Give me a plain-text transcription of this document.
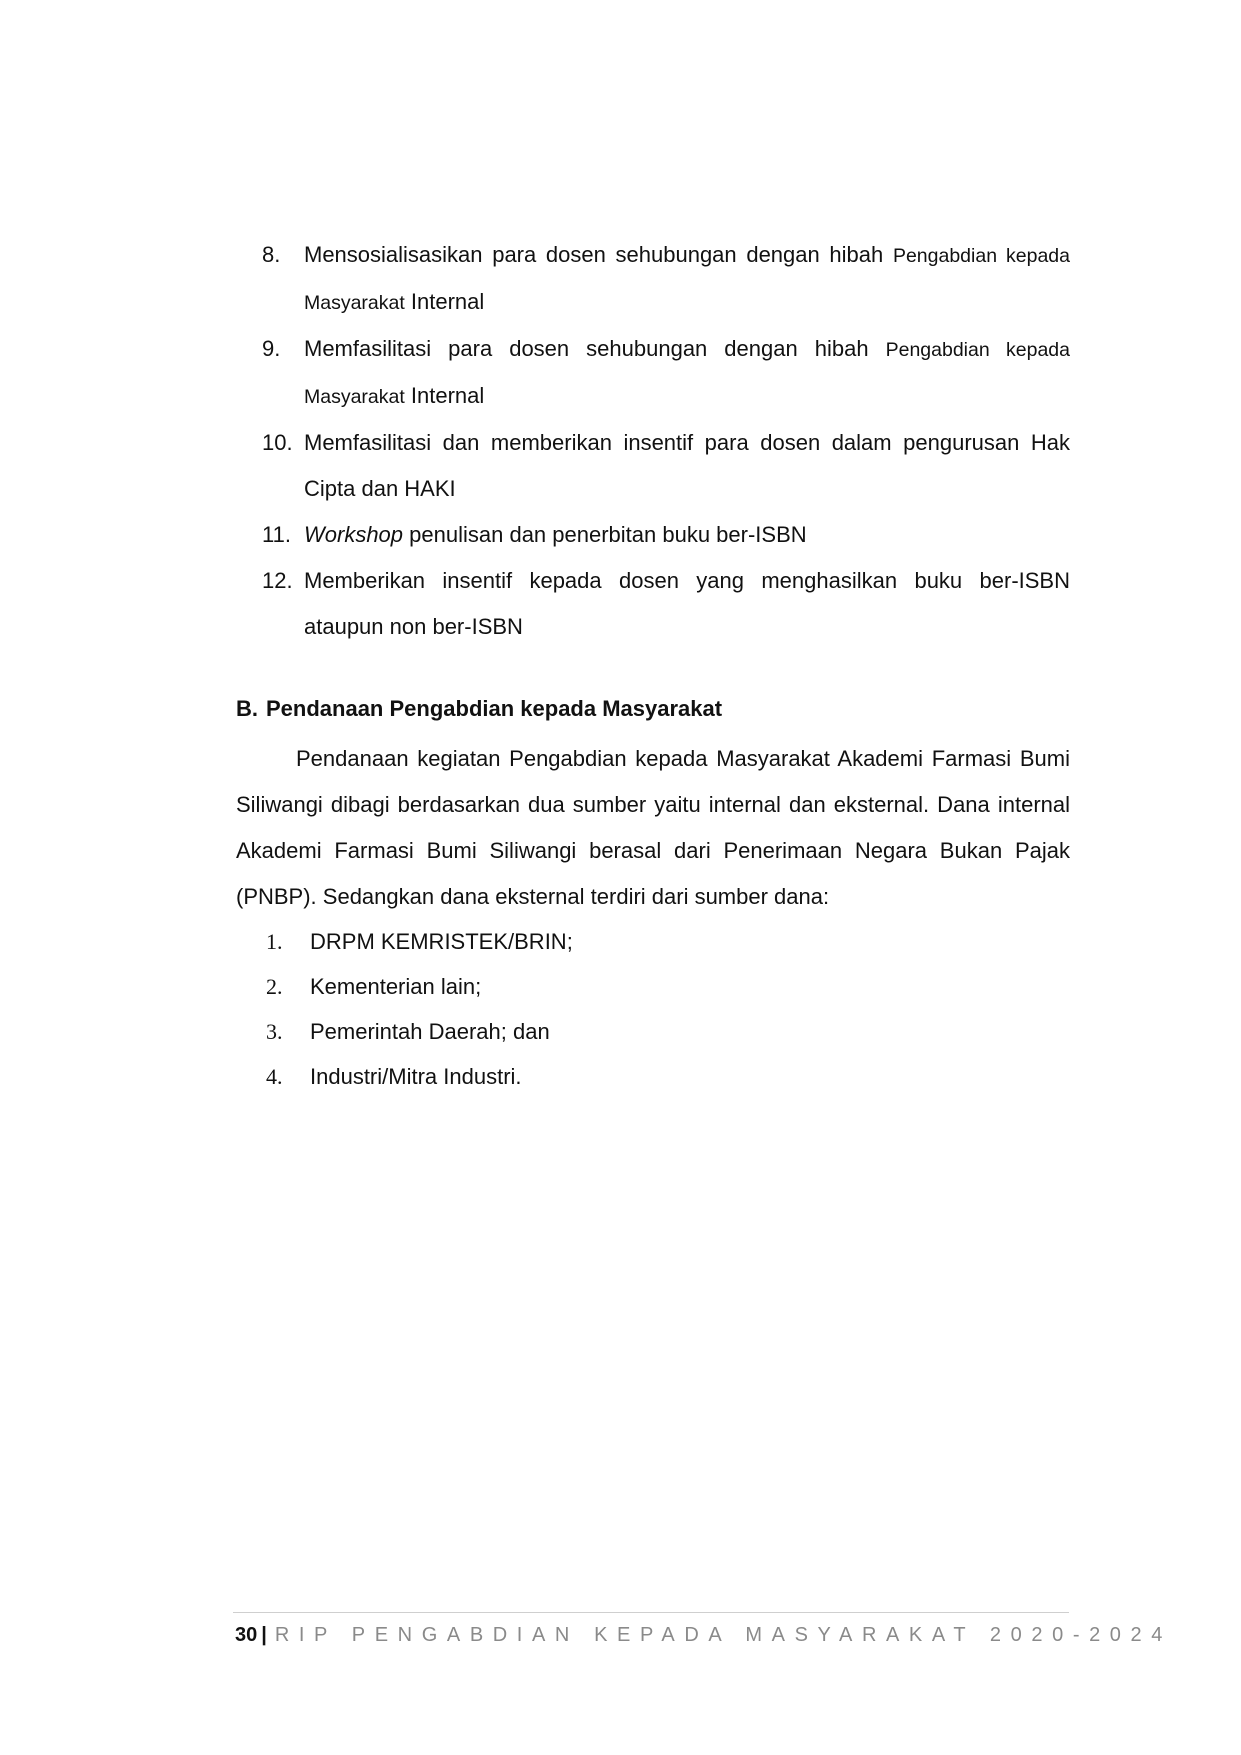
8.	Mensosialisasikan para dosen sehubungan dengan hibah Pengabdian kepada Masyarakat Internal
9.	Memfasilitasi para dosen sehubungan dengan hibah Pengabdian kepada Masyarakat Internal
10. Memfasilitasi dan memberikan insentif para dosen dalam pengurusan Hak Cipta dan HAKI
11. Workshop penulisan dan penerbitan buku ber-ISBN
12. Memberikan insentif kepada dosen yang menghasilkan buku ber-ISBN ataupun non ber-ISBN
B. Pendanaan Pengabdian kepada Masyarakat

Pendanaan kegiatan Pengabdian kepada Masyarakat Akademi Farmasi Bumi Siliwangi dibagi berdasarkan dua sumber yaitu internal dan eksternal. Dana internal Akademi Farmasi Bumi Siliwangi berasal dari Penerimaan Negara Bukan Pajak (PNBP). Sedangkan dana eksternal terdiri dari sumber dana:

1. DRPM KEMRISTEK/BRIN;
2. Kementerian lain;
3. Pemerintah Daerah; dan
4. Industri/Mitra Industri.
30 | RIP PENGABDIAN KEPADA MASYARAKAT 2020-2024
